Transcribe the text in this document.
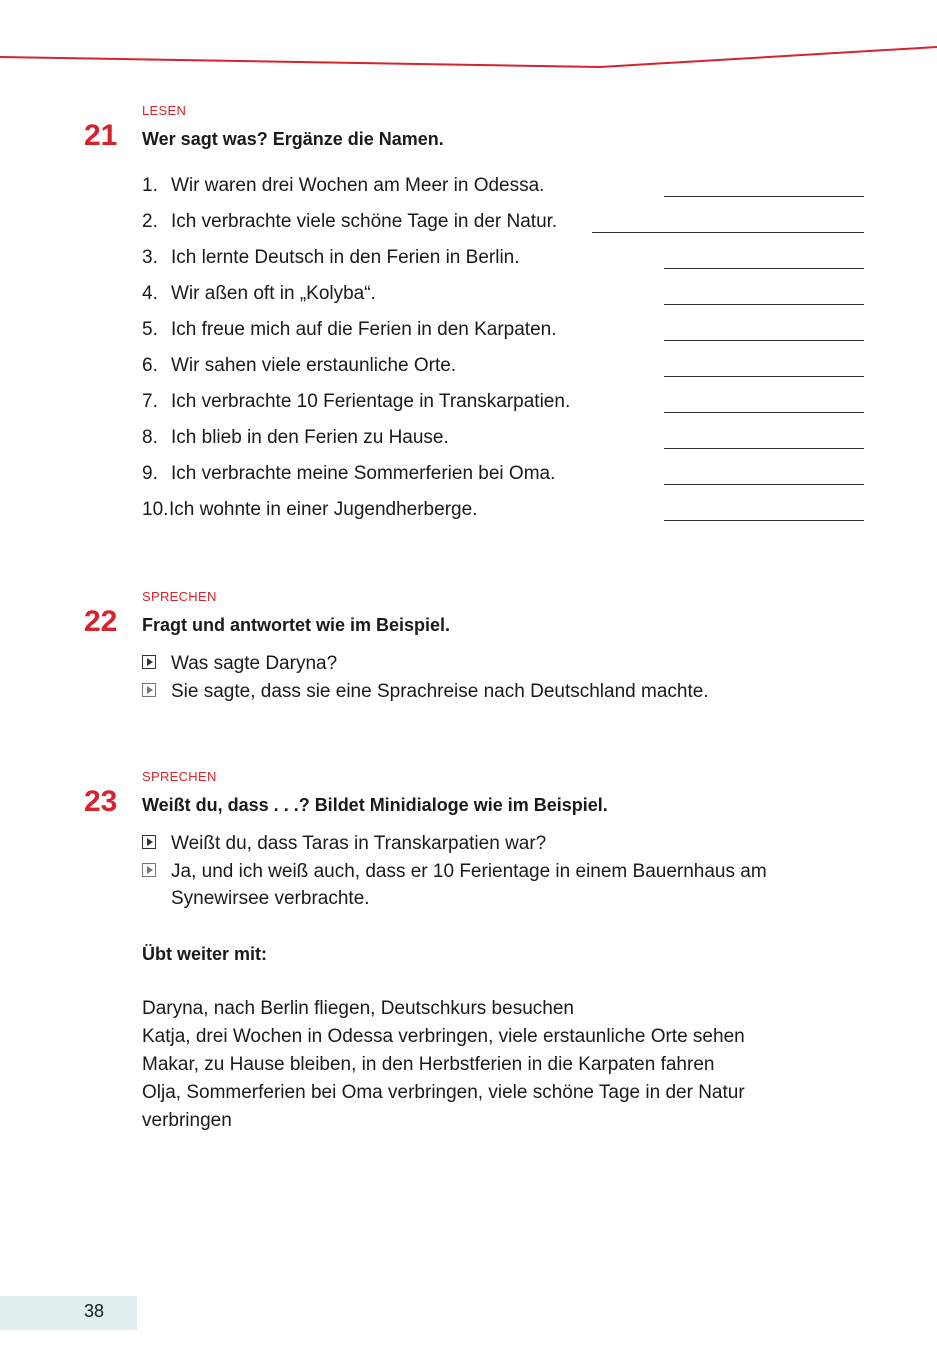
LESEN
21 Wer sagt was? Ergänze die Namen.
1. Wir waren drei Wochen am Meer in Odessa.
2. Ich verbrachte viele schöne Tage in der Natur.
3. Ich lernte Deutsch in den Ferien in Berlin.
4. Wir aßen oft in „Kolyba“.
5. Ich freue mich auf die Ferien in den Karpaten.
6. Wir sahen viele erstaunliche Orte.
7. Ich verbrachte 10 Ferientage in Transkarpatien.
8. Ich blieb in den Ferien zu Hause.
9. Ich verbrachte meine Sommerferien bei Oma.
10. Ich wohnte in einer Jugendherberge.
SPRECHEN
22 Fragt und antwortet wie im Beispiel.
Was sagte Daryna?
Sie sagte, dass sie eine Sprachreise nach Deutschland machte.
SPRECHEN
23 Weißt du, dass . . .? Bildet Minidialoge wie im Beispiel.
Weißt du, dass Taras in Transkarpatien war?
Ja, und ich weiß auch, dass er 10 Ferientage in einem Bauernhaus am
Synewirsee verbrachte.
Übt weiter mit:
Daryna, nach Berlin fliegen, Deutschkurs besuchen
Katja, drei Wochen in Odessa verbringen, viele erstaunliche Orte sehen
Makar, zu Hause bleiben, in den Herbstferien in die Karpaten fahren
Olja, Sommerferien bei Oma verbringen, viele schöne Tage in der Natur
verbringen
38
